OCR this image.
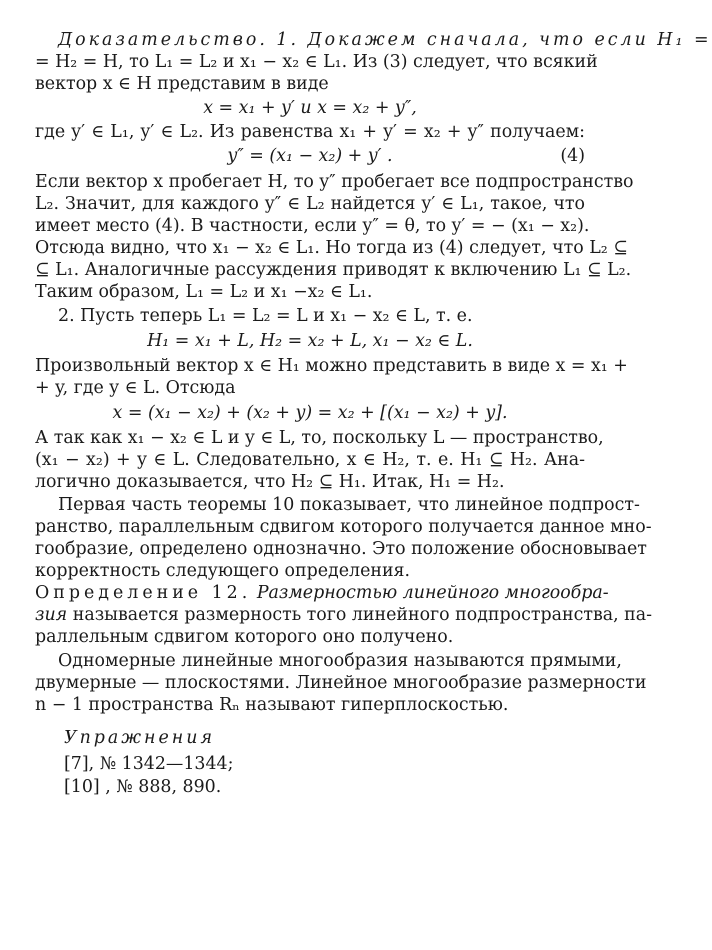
Доказательство. 1. Докажем сначала, что если H₁ =
= H₂ = H, то L₁ = L₂ и x₁ − x₂ ∈ L₁. Из (3) следует, что всякий
вектор x ∈ H представим в виде
x = x₁ + y′ и x = x₂ + y″,
где y′ ∈ L₁, y′ ∈ L₂. Из равенства x₁ + y′ = x₂ + y″ получаем:
y″ = (x₁ − x₂) + y′ .	(4)
Если вектор x пробегает H, то y″ пробегает все подпространство
L₂. Значит, для каждого y″ ∈ L₂ найдется y′ ∈ L₁, такое, что
имеет место (4). В частности, если y″ = θ, то y′ = − (x₁ − x₂).
Отсюда видно, что x₁ − x₂ ∈ L₁. Но тогда из (4) следует, что L₂ ⊆
⊆ L₁. Аналогичные рассуждения приводят к включению L₁ ⊆ L₂.
Таким образом, L₁ = L₂ и x₁ −x₂ ∈ L₁.
2. Пусть теперь L₁ = L₂ = L и x₁ − x₂ ∈ L, т. е.
H₁ = x₁ + L, H₂ = x₂ + L, x₁ − x₂ ∈ L.
Произвольный вектор x ∈ H₁ можно представить в виде x = x₁ +
+ y, где y ∈ L. Отсюда
x = (x₁ − x₂) + (x₂ + y) = x₂ + [(x₁ − x₂) + y].
А так как x₁ − x₂ ∈ L и y ∈ L, то, поскольку L — пространство,
(x₁ − x₂) + y ∈ L. Следовательно, x ∈ H₂, т. е. H₁ ⊆ H₂. Ана-
логично доказывается, что H₂ ⊆ H₁. Итак, H₁ = H₂.
Первая часть теоремы 10 показывает, что линейное подпрост-
ранство, параллельным сдвигом которого получается данное мно-
гообразие, определено однозначно. Это положение обосновывает
корректность следующего определения.
Определение 12. Размерностью линейного многообра-
зия называется размерность того линейного подпространства, па-
раллельным сдвигом которого оно получено.
Одномерные линейные многообразия называются прямыми,
двумерные — плоскостями. Линейное многообразие размерности
n − 1 пространства Rₙ называют гиперплоскостью.
Упражнения
[7], № 1342—1344;
[10] , № 888, 890.
